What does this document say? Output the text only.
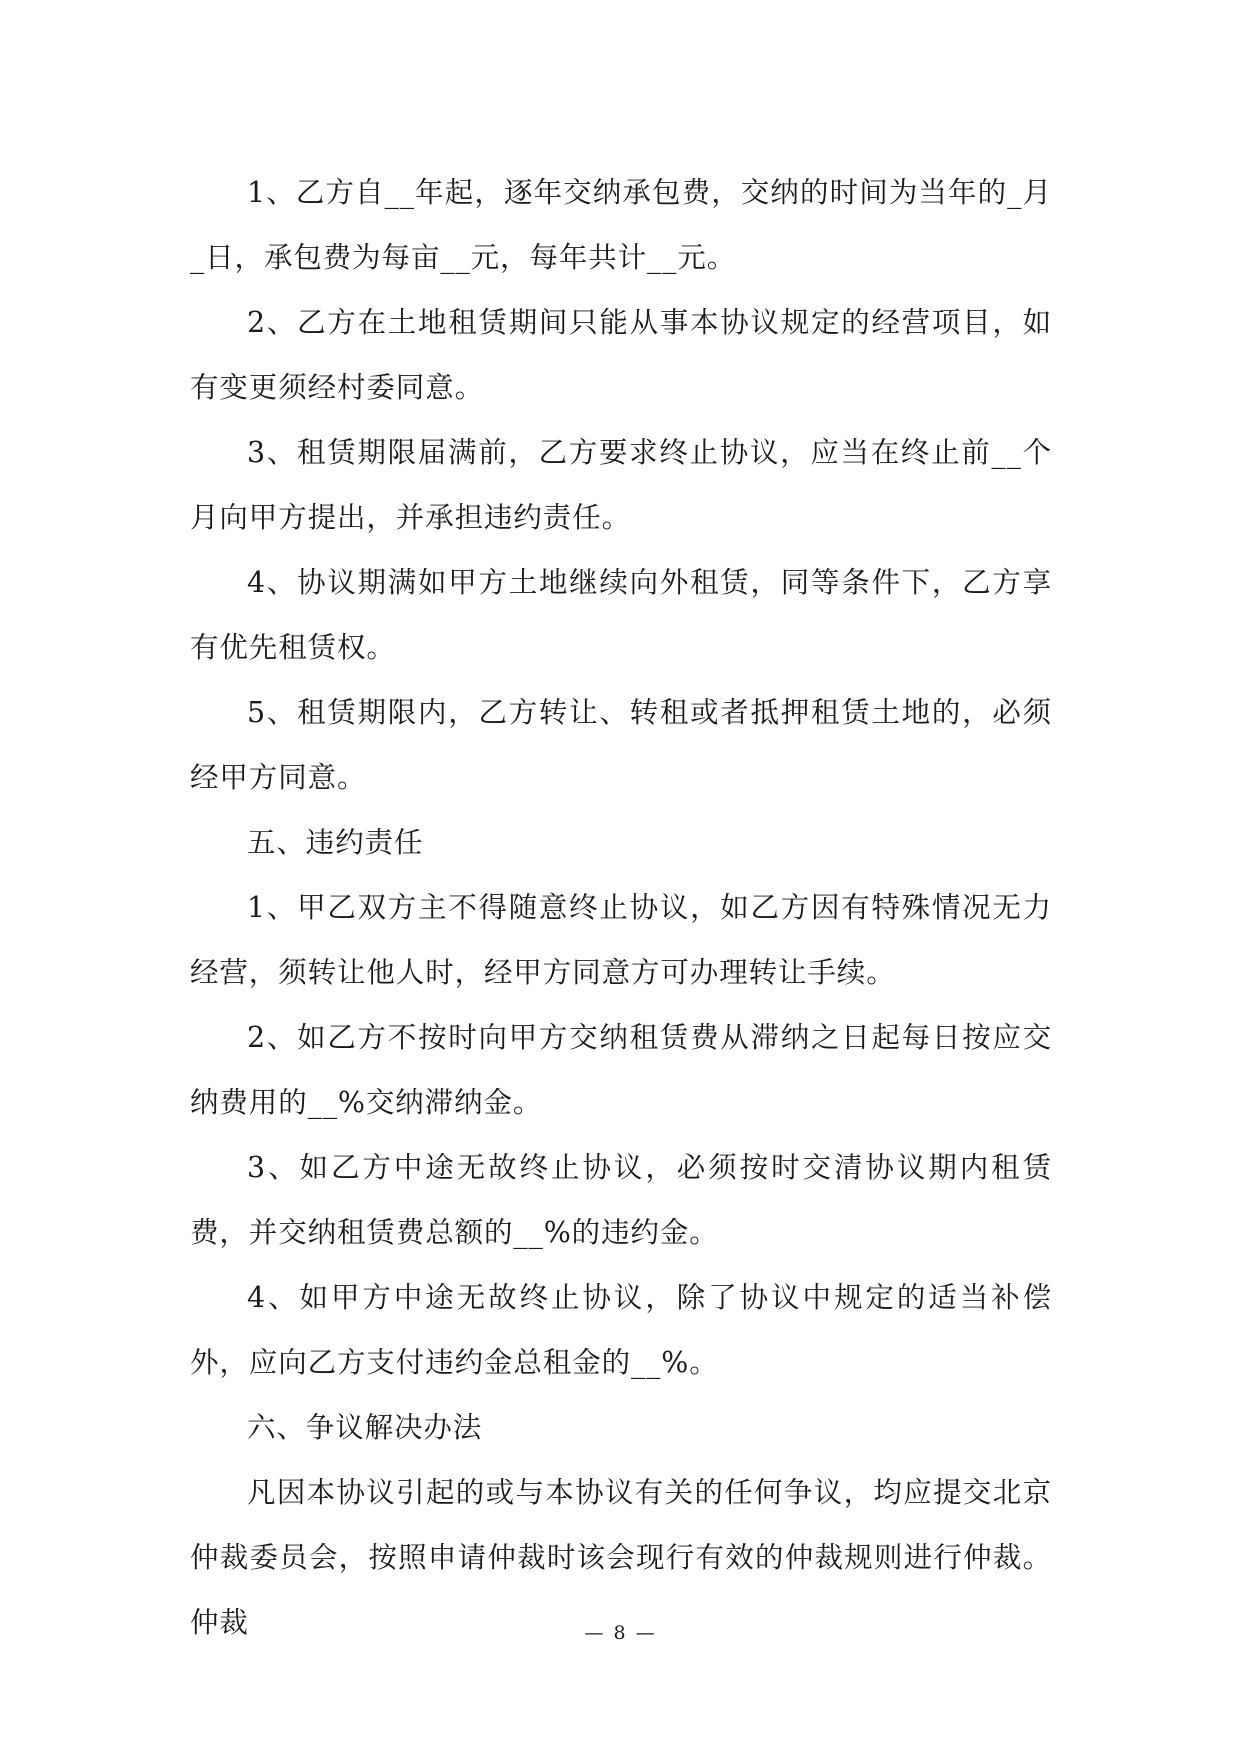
1、乙方自__年起，逐年交纳承包费，交纳的时间为当年的_月_日，承包费为每亩__元，每年共计__元。

2、乙方在土地租赁期间只能从事本协议规定的经营项目，如有变更须经村委同意。

3、租赁期限届满前，乙方要求终止协议，应当在终止前__个月向甲方提出，并承担违约责任。

4、协议期满如甲方土地继续向外租赁，同等条件下，乙方享有优先租赁权。

5、租赁期限内，乙方转让、转租或者抵押租赁土地的，必须经甲方同意。

五、违约责任

1、甲乙双方主不得随意终止协议，如乙方因有特殊情况无力经营，须转让他人时，经甲方同意方可办理转让手续。

2、如乙方不按时向甲方交纳租赁费从滞纳之日起每日按应交纳费用的__%交纳滞纳金。

3、如乙方中途无故终止协议，必须按时交清协议期内租赁费，并交纳租赁费总额的__%的违约金。

4、如甲方中途无故终止协议，除了协议中规定的适当补偿外，应向乙方支付违约金总租金的__%。

六、争议解决办法

凡因本协议引起的或与本协议有关的任何争议，均应提交北京仲裁委员会，按照申请仲裁时该会现行有效的仲裁规则进行仲裁。仲裁	— 8 —
